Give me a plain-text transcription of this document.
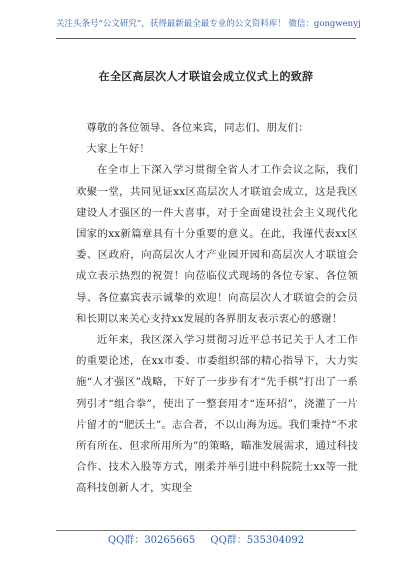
关注头条号“公文研究”，获得最新最全最专业的公文资料库！ 微信：gongwenyj
在全区高层次人才联谊会成立仪式上的致辞

尊敬的各位领导、各位来宾，同志们、朋友们：

大家上午好！

在全市上下深入学习贯彻全省人才工作会议之际，我们欢聚一堂，共同见证xx区高层次人才联谊会成立，这是我区建设人才强区的一件大喜事，对于全面建设社会主义现代化国家的xx新篇章具有十分重要的意义。在此，我谨代表xx区委、区政府，向高层次人才产业园开园和高层次人才联谊会成立表示热烈的祝贺！向莅临仪式现场的各位专家、各位领导、各位嘉宾表示诚挚的欢迎！向高层次人才联谊会的会员和长期以来关心支持xx发展的各界朋友表示衷心的感谢！

近年来，我区深入学习贯彻习近平总书记关于人才工作的重要论述，在xx市委、市委组织部的精心指导下，大力实施“人才强区”战略，下好了一步步有才“先手棋”打出了一系列引才“组合拳”，使出了一整套用才“连环招”，浇灌了一片片留才的“肥沃土”。志合者，不以山海为远。我们秉持“不求所有所在、但求所用所为”的策略，瞄准发展需求，通过科技合作、技术入股等方式，刚柔并举引进中科院院士xx等一批高科技创新人才，实现全

QQ群：30265665 QQ群：535304092
